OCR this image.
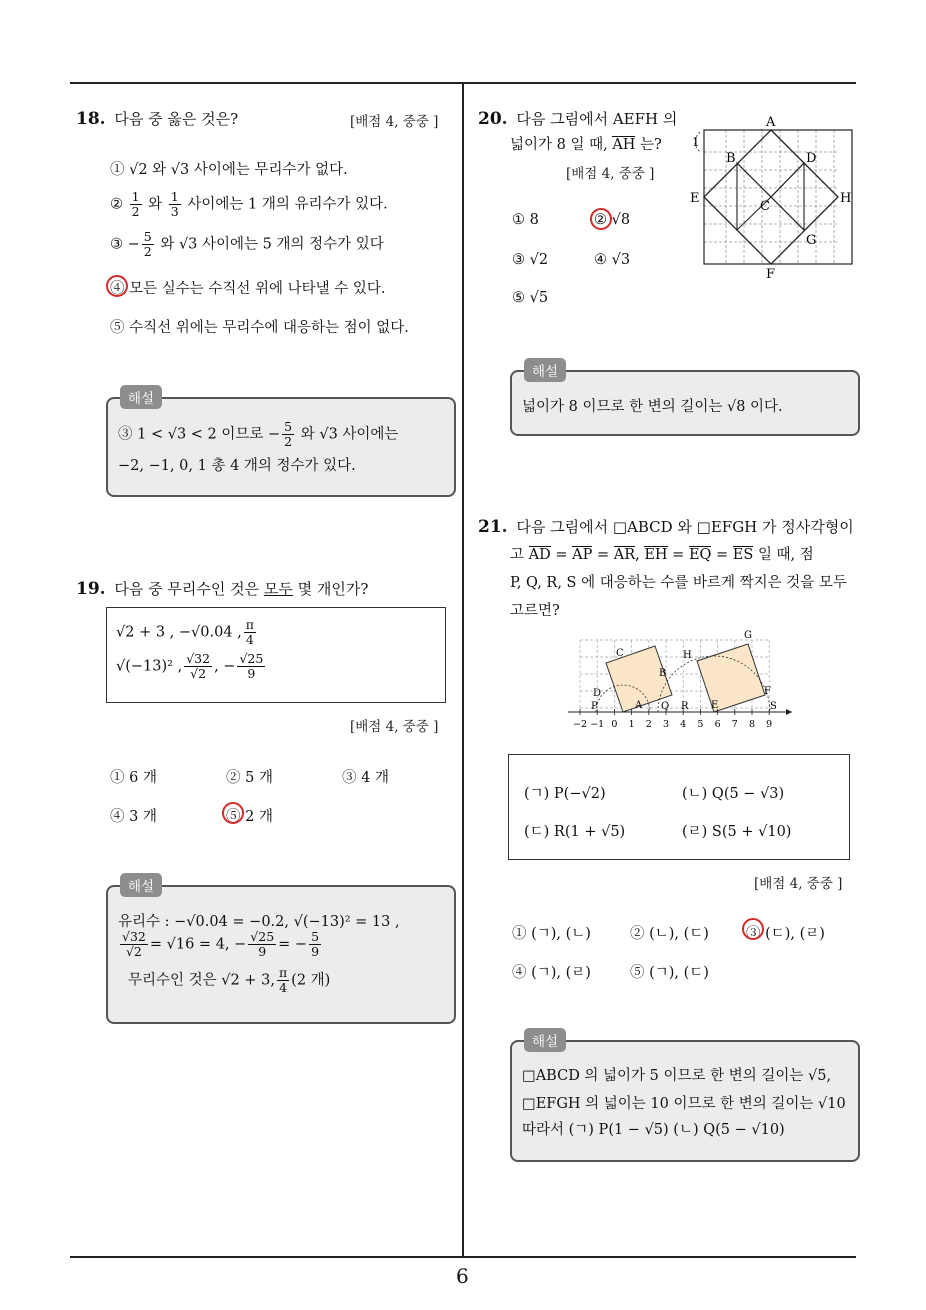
6
18. 다음 중 옳은 것은?	[배점 4, 중중 ]
① √2 와 √3 사이에는 무리수가 없다.
② $\frac{1}{2}$ 와 $\frac{1}{3}$ 사이에는 1 개의 유리수가 있다.
③ − $\frac{5}{2}$ 와 √3 사이에는 5 개의 정수가 있다
④ 모든 실수는 수직선 위에 나타낼 수 있다.
⑤ 수직선 위에는 무리수에 대응하는 점이 없다.
해설
③ 1 < √3 < 2 이므로 − $\frac{5}{2}$ 와 √3 사이에는
−2, −1, 0, 1 총 4 개의 정수가 있다.
19. 다음 중 무리수인 것은 모두 몇 개인가?
√2 + 3 , −√0.04 , $\frac{\pi}{4}$
√(−13)² , $\frac{√32}{√2}$ , − $\frac{√25}{9}$
[배점 4, 중중 ]
① 6 개	② 5 개	③ 4 개
④ 3 개	⑤ 2 개
해설
유리수 : −√0.04 = −0.2, √(−13)² = 13 ,
$\frac{√32}{√2} = √16 = 4$, − $\frac{√25}{9}$ = − $\frac{5}{9}$
무리수인 것은 √2 + 3, $\frac{\pi}{4} (2$ 개)
20. 다음 그림에서 AEFH 의
넓이가 8 일 때, AH 는?
[배점 4, 중중 ]
1
A
B	D
E
C
H
G
F
① 8	② √8
③ √2	④ √3
⑤ √5
해설
넓이가 8 이므로 한 변의 길이는 √8 이다.
21. 다음 그림에서 □ABCD 와 □EFGH 가 정사각형이
고 AD = AP = AR, EH = EQ = ES 일 때, 점
P, Q, R, S 에 대응하는 수를 바르게 짝지은 것을 모두
고르면?
−2 −1 0 1 2 3 4 5 6 7 8 9
C
B
D
P	A Q R
G
H
E
F
S
(ㄱ) P(−√2)	(ㄴ) Q(5 − √3)
(ㄷ) R(1 + √5)	(ㄹ) S(5 + √10)
[배점 4, 중중 ]
① (ㄱ), (ㄴ)	② (ㄴ), (ㄷ)	③ (ㄷ), (ㄹ)
④ (ㄱ), (ㄹ)	⑤ (ㄱ), (ㄷ)
해설
□ABCD 의 넓이가 5 이므로 한 변의 길이는 √5,
□EFGH 의 넓이는 10 이므로 한 변의 길이는 √10
따라서 (ㄱ) P(1 − √5) (ㄴ) Q(5 − √10)
